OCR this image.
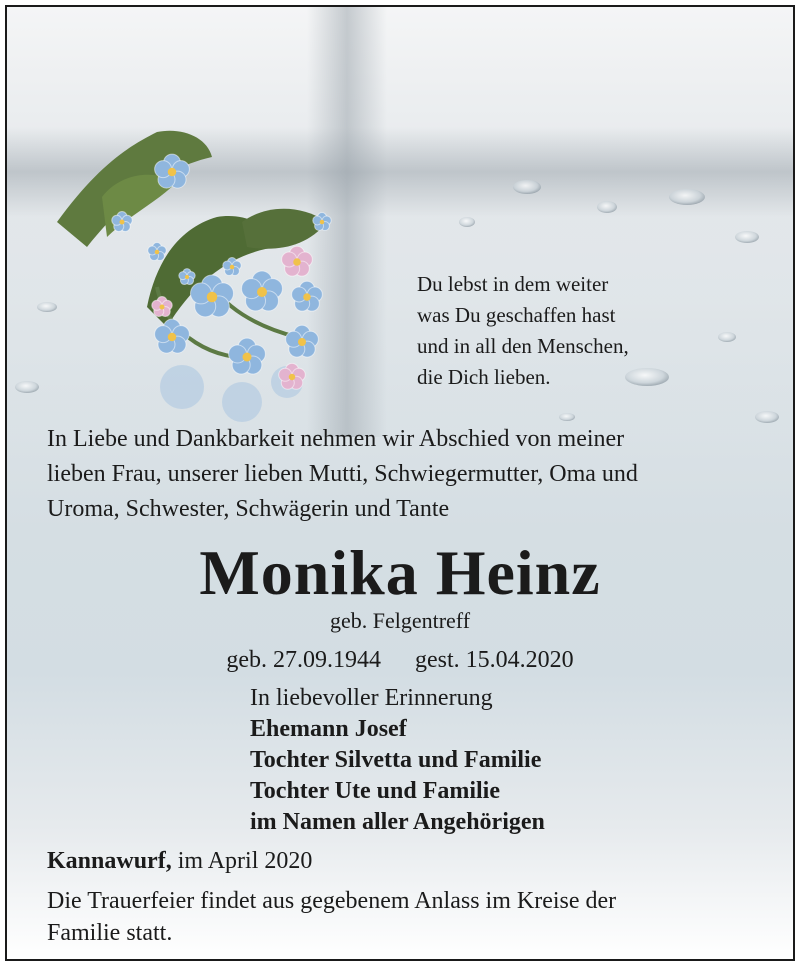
Du lebst in dem weiter
was Du geschaffen hast
und in all den Menschen,
die Dich lieben.
In Liebe und Dankbarkeit nehmen wir Abschied von meiner
lieben Frau, unserer lieben Mutti, Schwiegermutter, Oma und
Uroma, Schwester, Schwägerin und Tante
Monika Heinz
geb. Felgentreff
geb. 27.09.1944 gest. 15.04.2020
In liebevoller Erinnerung
Ehemann Josef
Tochter Silvetta und Familie
Tochter Ute und Familie
im Namen aller Angehörigen
Kannawurf, im April 2020
Die Trauerfeier findet aus gegebenem Anlass im Kreise der
Familie statt.
